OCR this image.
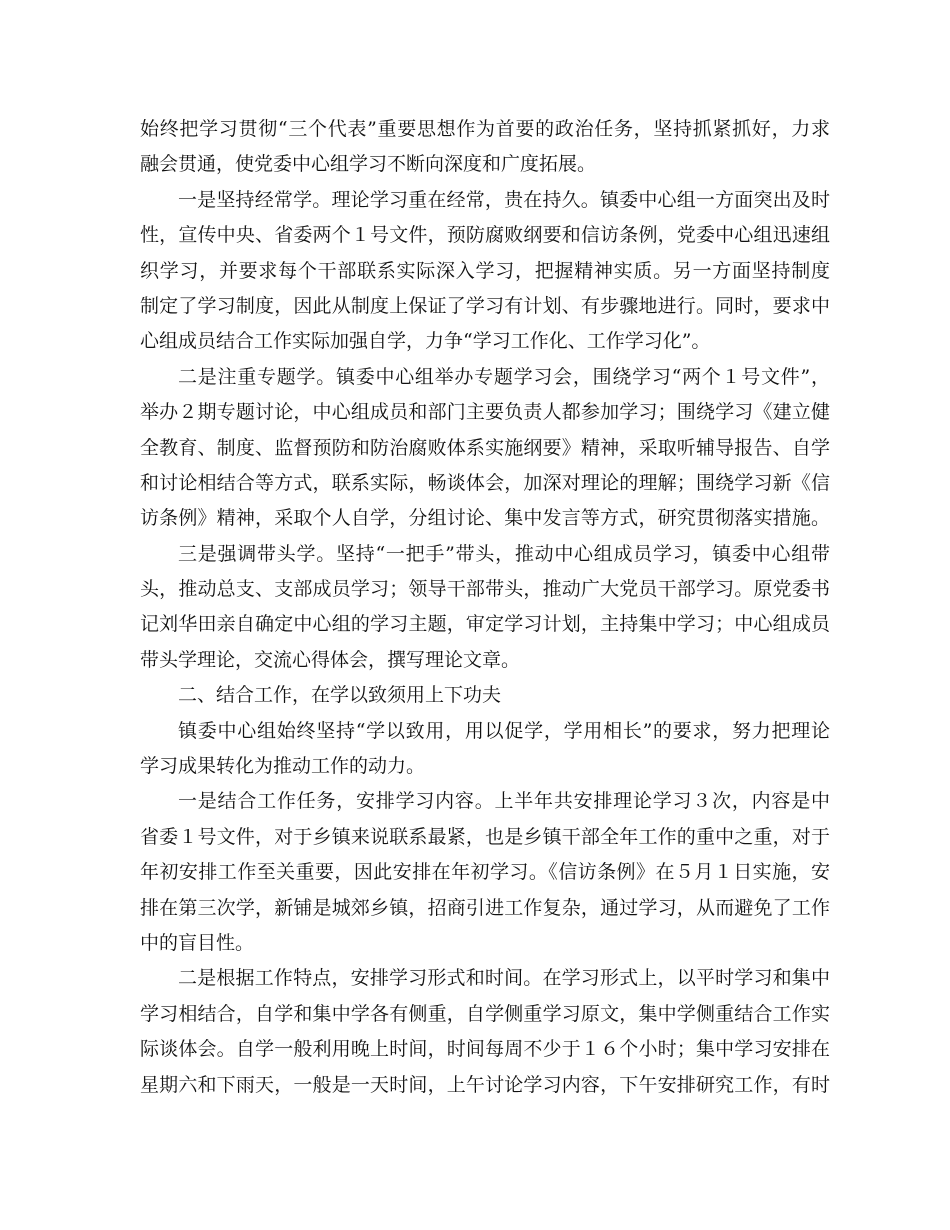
始终把学习贯彻“三个代表”重要思想作为首要的政治任务，坚持抓紧抓好，力求
融会贯通，使党委中心组学习不断向深度和广度拓展。
一是坚持经常学。理论学习重在经常，贵在持久。镇委中心组一方面突出及时
性，宣传中央、省委两个１号文件，预防腐败纲要和信访条例，党委中心组迅速组
织学习，并要求每个干部联系实际深入学习，把握精神实质。另一方面坚持制度
制定了学习制度，因此从制度上保证了学习有计划、有步骤地进行。同时，要求中
心组成员结合工作实际加强自学，力争“学习工作化、工作学习化”。
二是注重专题学。镇委中心组举办专题学习会，围绕学习“两个１号文件”，
举办２期专题讨论，中心组成员和部门主要负责人都参加学习；围绕学习《建立健
全教育、制度、监督预防和防治腐败体系实施纲要》精神，采取听辅导报告、自学
和讨论相结合等方式，联系实际，畅谈体会，加深对理论的理解；围绕学习新《信
访条例》精神，采取个人自学，分组讨论、集中发言等方式，研究贯彻落实措施。
三是强调带头学。坚持“一把手”带头，推动中心组成员学习，镇委中心组带
头，推动总支、支部成员学习；领导干部带头，推动广大党员干部学习。原党委书
记刘华田亲自确定中心组的学习主题，审定学习计划，主持集中学习；中心组成员
带头学理论，交流心得体会，撰写理论文章。
二、结合工作，在学以致须用上下功夫
镇委中心组始终坚持“学以致用，用以促学，学用相长”的要求，努力把理论
学习成果转化为推动工作的动力。
一是结合工作任务，安排学习内容。上半年共安排理论学习３次，内容是中
省委１号文件，对于乡镇来说联系最紧，也是乡镇干部全年工作的重中之重，对于
年初安排工作至关重要，因此安排在年初学习。《信访条例》在５月１日实施，安
排在第三次学，新铺是城郊乡镇，招商引进工作复杂，通过学习，从而避免了工作
中的盲目性。
二是根据工作特点，安排学习形式和时间。在学习形式上，以平时学习和集中
学习相结合，自学和集中学各有侧重，自学侧重学习原文，集中学侧重结合工作实
际谈体会。自学一般利用晚上时间，时间每周不少于１６个小时；集中学习安排在
星期六和下雨天，一般是一天时间，上午讨论学习内容，下午安排研究工作，有时
